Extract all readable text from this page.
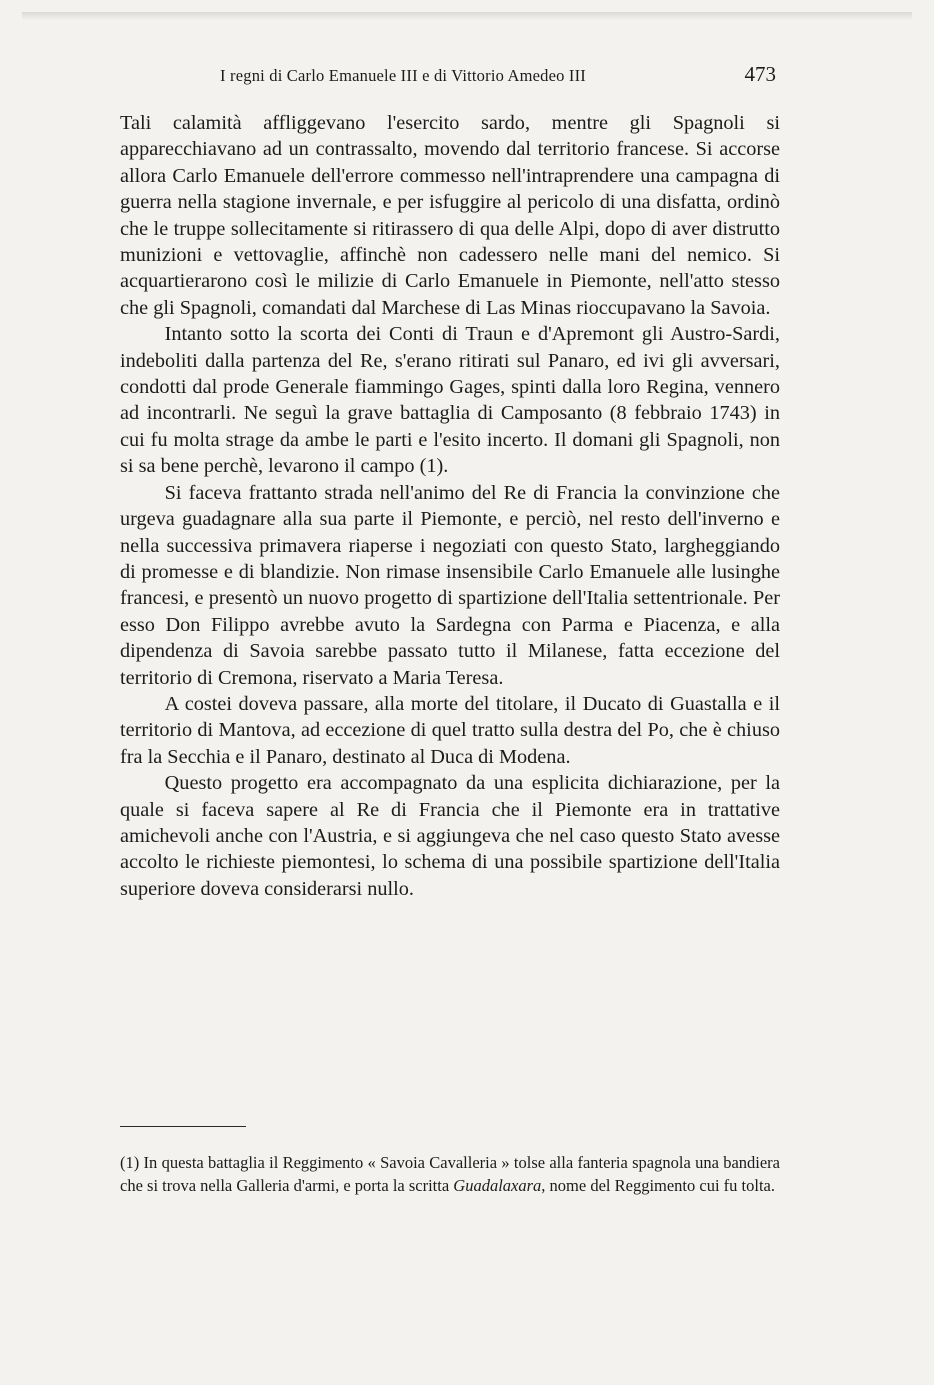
I regni di Carlo Emanuele III e di Vittorio Amedeo III	473

Tali calamità affliggevano l'esercito sardo, mentre gli Spagnoli si apparecchiavano ad un contrassalto, movendo dal territorio francese. Si accorse allora Carlo Emanuele dell'errore commesso nell'intraprendere una campagna di guerra nella stagione invernale, e per isfuggire al pericolo di una disfatta, ordinò che le truppe sollecitamente si ritirassero di qua delle Alpi, dopo di aver distrutto munizioni e vettovaglie, affinchè non cadessero nelle mani del nemico. Si acquartierarono così le milizie di Carlo Emanuele in Piemonte, nell'atto stesso che gli Spagnoli, comandati dal Marchese di Las Minas rioccupavano la Savoia.

Intanto sotto la scorta dei Conti di Traun e d'Apremont gli Austro-Sardi, indeboliti dalla partenza del Re, s'erano ritirati sul Panaro, ed ivi gli avversari, condotti dal prode Generale fiammingo Gages, spinti dalla loro Regina, vennero ad incontrarli. Ne seguì la grave battaglia di Camposanto (8 febbraio 1743) in cui fu molta strage da ambe le parti e l'esito incerto. Il domani gli Spagnoli, non si sa bene perchè, levarono il campo (1).

Si faceva frattanto strada nell'animo del Re di Francia la convinzione che urgeva guadagnare alla sua parte il Piemonte, e perciò, nel resto dell'inverno e nella successiva primavera riaperse i negoziati con questo Stato, largheggiando di promesse e di blandizie. Non rimase insensibile Carlo Emanuele alle lusinghe francesi, e presentò un nuovo progetto di spartizione dell'Italia settentrionale. Per esso Don Filippo avrebbe avuto la Sardegna con Parma e Piacenza, e alla dipendenza di Savoia sarebbe passato tutto il Milanese, fatta eccezione del territorio di Cremona, riservato a Maria Teresa.

A costei doveva passare, alla morte del titolare, il Ducato di Guastalla e il territorio di Mantova, ad eccezione di quel tratto sulla destra del Po, che è chiuso fra la Secchia e il Panaro, destinato al Duca di Modena.

Questo progetto era accompagnato da una esplicita dichiarazione, per la quale si faceva sapere al Re di Francia che il Piemonte era in trattative amichevoli anche con l'Austria, e si aggiungeva che nel caso questo Stato avesse accolto le richieste piemontesi, lo schema di una possibile spartizione dell'Italia superiore doveva considerarsi nullo.

(1) In questa battaglia il Reggimento « Savoia Cavalleria » tolse alla fanteria spagnola una bandiera che si trova nella Galleria d'armi, e porta la scritta Guadalaxara, nome del Reggimento cui fu tolta.
